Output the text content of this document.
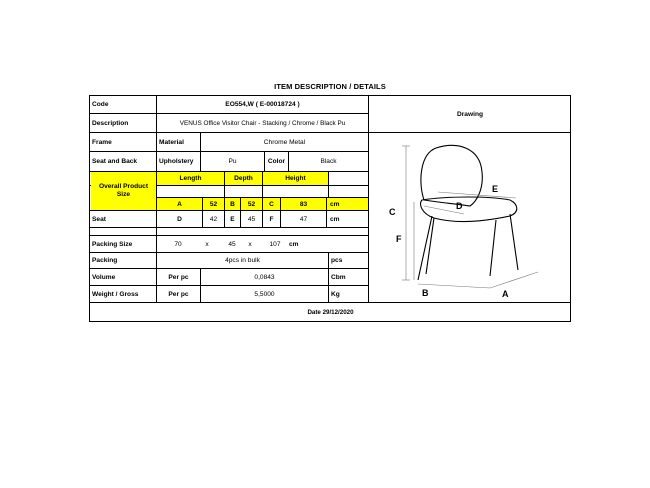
ITEM DESCRIPTION / DETAILS
Code	EO554,W ( E-00018724 )
Description	VENUS Office Visitor Chair - Stacking / Chrome / Black Pu
Drawing
Frame	Material	Chrome Metal
Seat and Back	Upholstery	Pu	Color	Black
Overall Product Size
Length	Depth	Height
A	52	B	52	C	83	cm
Seat	D	42	E	45	F	47	cm
Packing Size	70	x	45	x	107	cm
Packing	4pcs in bulk	pcs
Volume	Per pc	0,0843	Cbm
Weight / Gross	Per pc	5,5000	Kg
Date 29/12/2020
C
F
E
D
B	A
